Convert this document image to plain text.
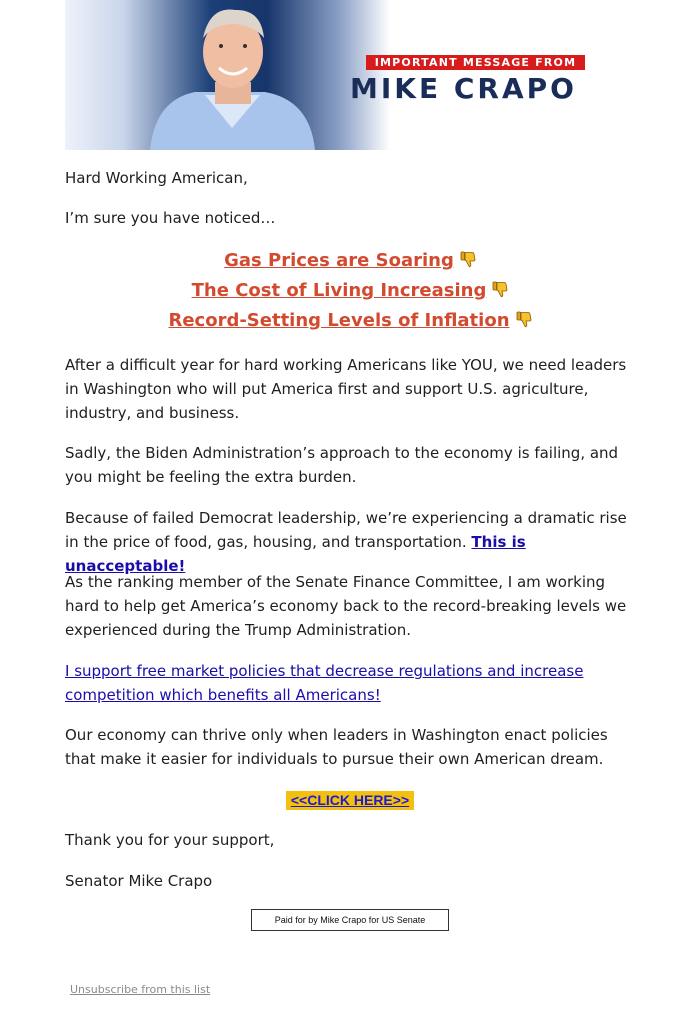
IMPORTANT MESSAGE FROM
MIKE CRAPO

Hard Working American,

I’m sure you have noticed…

Gas Prices are Soaring
The Cost of Living Increasing
Record-Setting Levels of Inflation

After a difficult year for hard working Americans like YOU, we need leaders in Washington who will put America first and support U.S. agriculture, industry, and business.

Sadly, the Biden Administration’s approach to the economy is failing, and you might be feeling the extra burden.

Because of failed Democrat leadership, we’re experiencing a dramatic rise in the price of food, gas, housing, and transportation. This is unacceptable!

As the ranking member of the Senate Finance Committee, I am working hard to help get America’s economy back to the record-breaking levels we experienced during the Trump Administration.

I support free market policies that decrease regulations and increase competition which benefits all Americans!

Our economy can thrive only when leaders in Washington enact policies that make it easier for individuals to pursue their own American dream.

<<CLICK HERE>>

Thank you for your support,

Senator Mike Crapo

Paid for by Mike Crapo for US Senate
Unsubscribe from this list
